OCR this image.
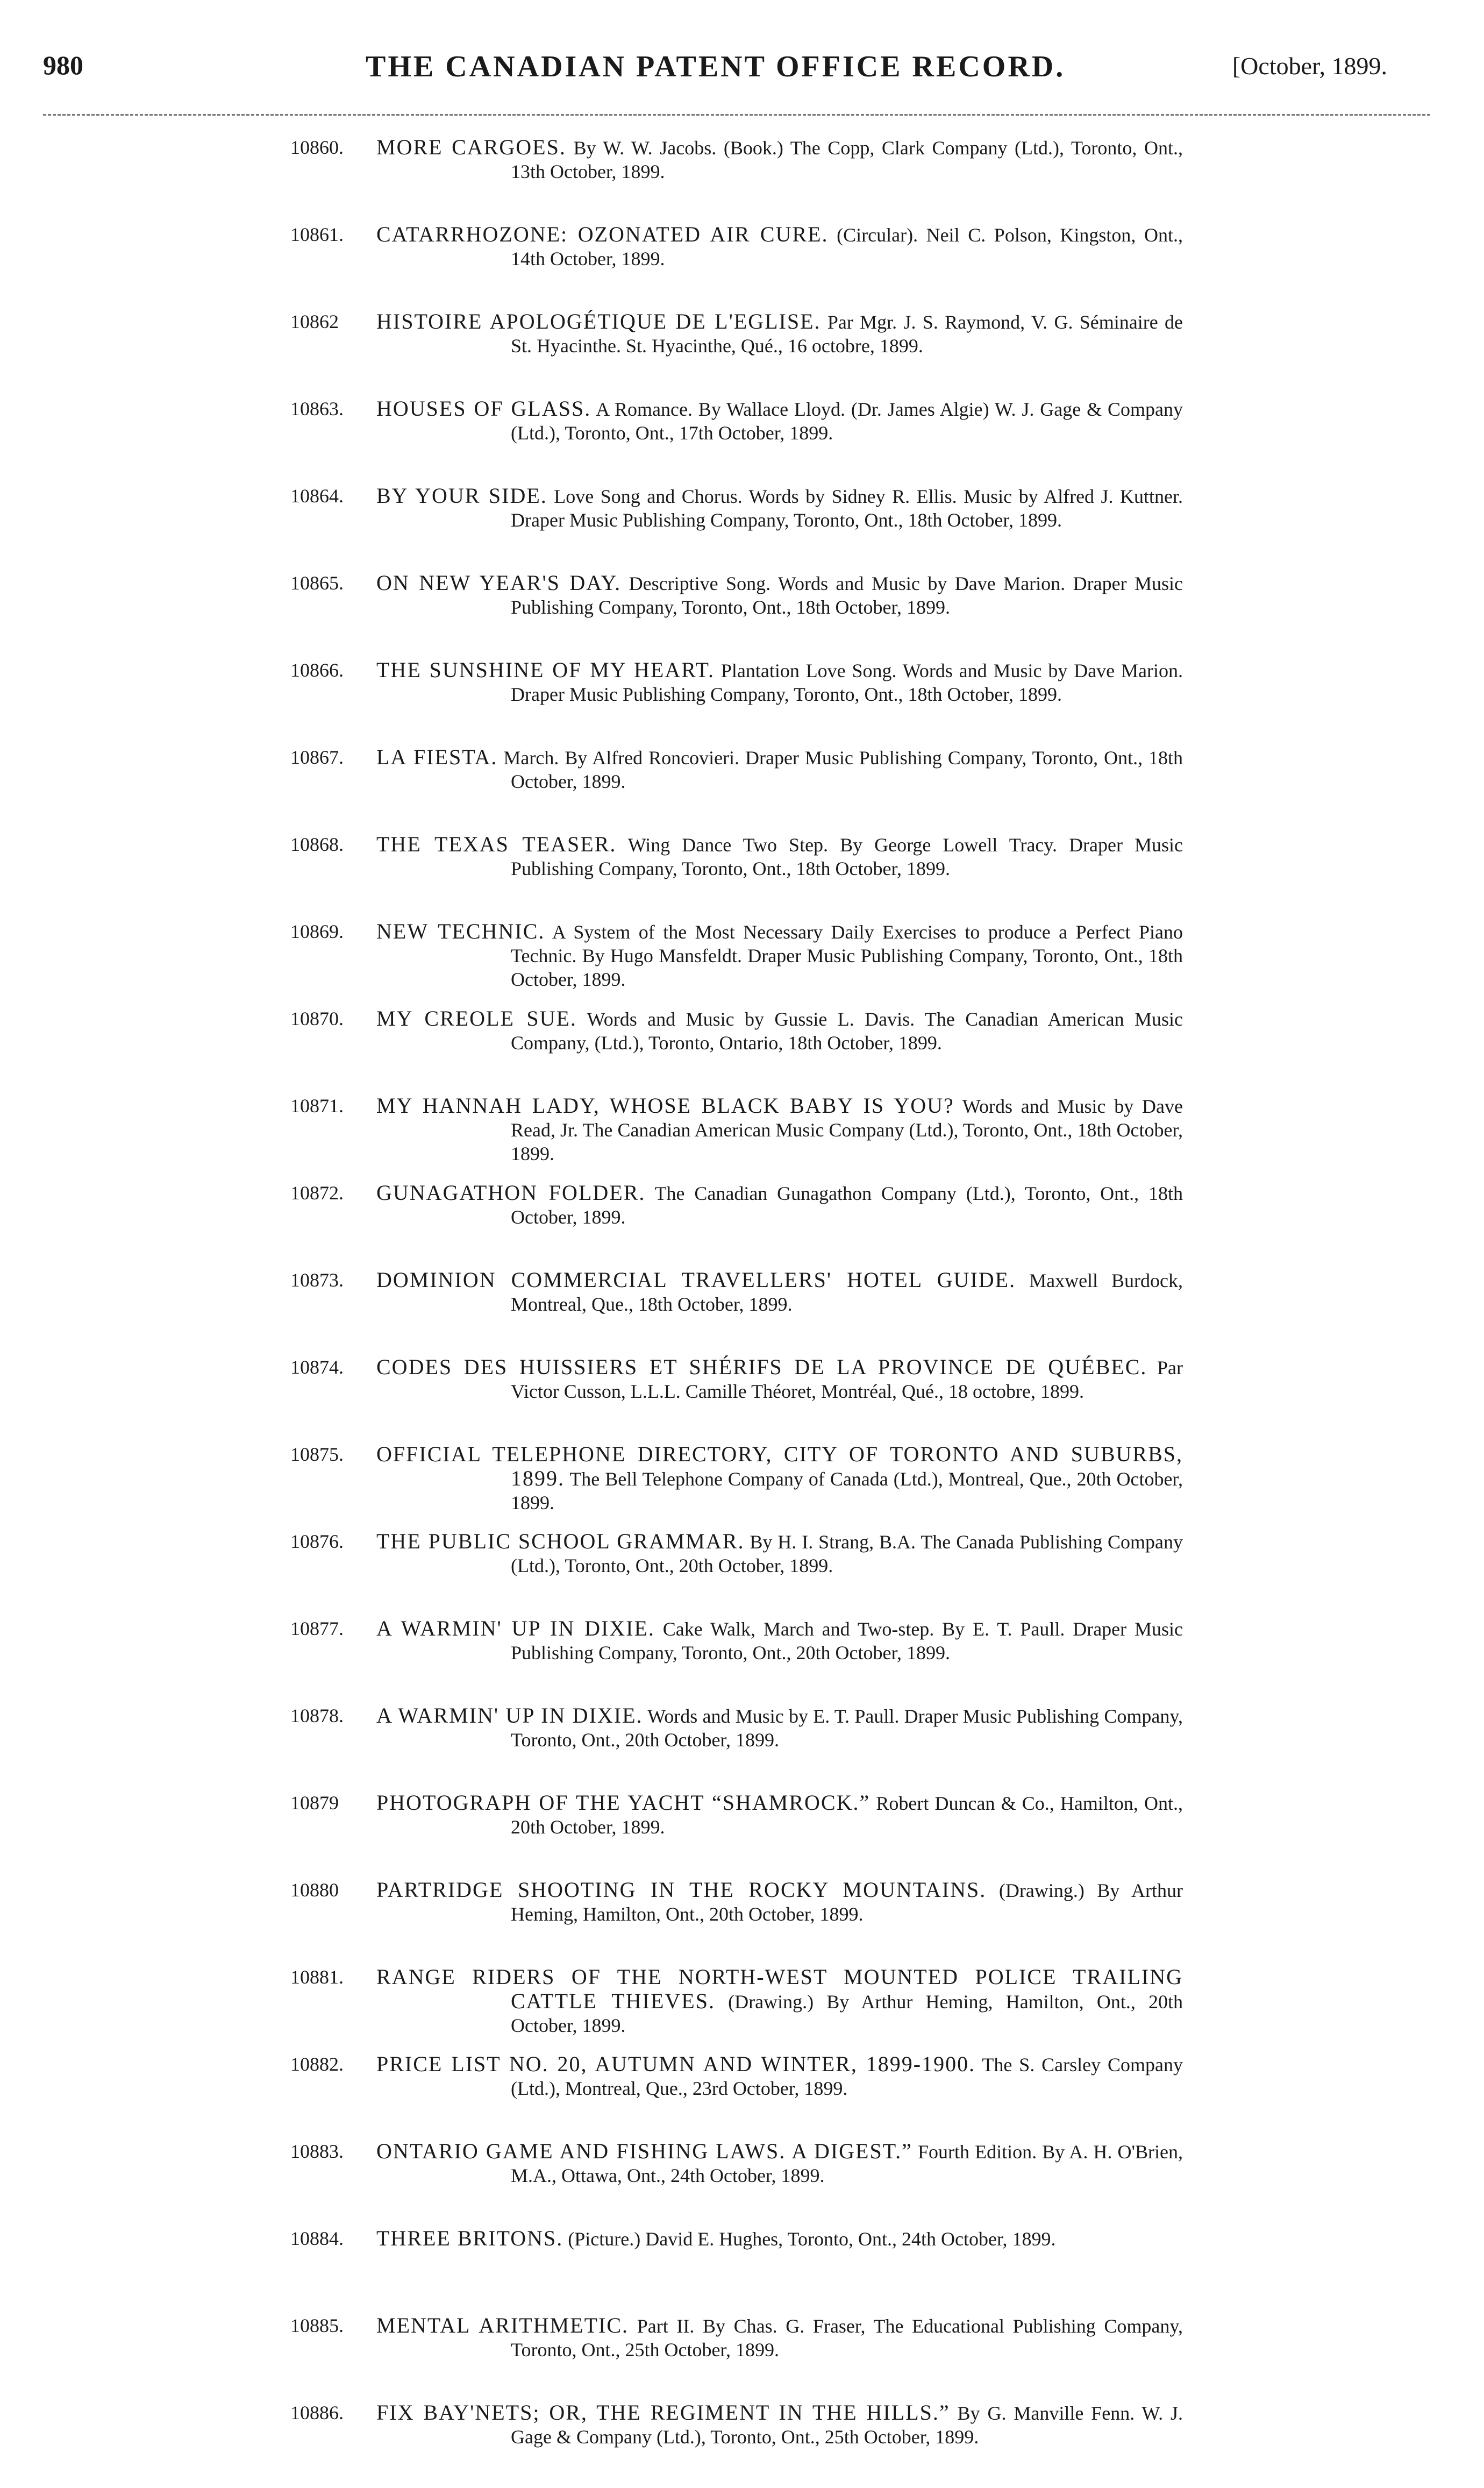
980	THE CANADIAN PATENT OFFICE RECORD.	[October, 1899.
10860.	MORE CARGOES. By W. W. Jacobs. (Book.) The Copp, Clark Company (Ltd.), Toronto, Ont., 13th October, 1899.
10861.	CATARRHOZONE: OZONATED AIR CURE. (Circular). Neil C. Polson, Kingston, Ont., 14th October, 1899.
10862	HISTOIRE APOLOGÉTIQUE DE L'EGLISE. Par Mgr. J. S. Raymond, V. G. Séminaire de St. Hyacinthe. St. Hyacinthe, Qué., 16 octobre, 1899.
10863.	HOUSES OF GLASS. A Romance. By Wallace Lloyd. (Dr. James Algie) W. J. Gage & Company (Ltd.), Toronto, Ont., 17th October, 1899.
10864.	BY YOUR SIDE. Love Song and Chorus. Words by Sidney R. Ellis. Music by Alfred J. Kuttner. Draper Music Publishing Company, Toronto, Ont., 18th October, 1899.
10865.	ON NEW YEAR'S DAY. Descriptive Song. Words and Music by Dave Marion. Draper Music Publishing Company, Toronto, Ont., 18th October, 1899.
10866.	THE SUNSHINE OF MY HEART. Plantation Love Song. Words and Music by Dave Marion. Draper Music Publishing Company, Toronto, Ont., 18th October, 1899.
10867.	LA FIESTA. March. By Alfred Roncovieri. Draper Music Publishing Company, Toronto, Ont., 18th October, 1899.
10868.	THE TEXAS TEASER. Wing Dance Two Step. By George Lowell Tracy. Draper Music Publishing Company, Toronto, Ont., 18th October, 1899.
10869.	NEW TECHNIC. A System of the Most Necessary Daily Exercises to produce a Perfect Piano Technic. By Hugo Mansfeldt. Draper Music Publishing Company, Toronto, Ont., 18th October, 1899.
10870.	MY CREOLE SUE. Words and Music by Gussie L. Davis. The Canadian American Music Company, (Ltd.), Toronto, Ontario, 18th October, 1899.
10871.	MY HANNAH LADY, WHOSE BLACK BABY IS YOU? Words and Music by Dave Read, Jr. The Canadian American Music Company (Ltd.), Toronto, Ont., 18th October, 1899.
10872.	GUNAGATHON FOLDER. The Canadian Gunagathon Company (Ltd.), Toronto, Ont., 18th October, 1899.
10873.	DOMINION COMMERCIAL TRAVELLERS' HOTEL GUIDE. Maxwell Burdock, Montreal, Que., 18th October, 1899.
10874.	CODES DES HUISSIERS ET SHÉRIFS DE LA PROVINCE DE QUÉBEC. Par Victor Cusson, L.L.L. Camille Théoret, Montréal, Qué., 18 octobre, 1899.
10875.	OFFICIAL TELEPHONE DIRECTORY, CITY OF TORONTO AND SUBURBS, 1899. The Bell Telephone Company of Canada (Ltd.), Montreal, Que., 20th October, 1899.
10876.	THE PUBLIC SCHOOL GRAMMAR. By H. I. Strang, B.A. The Canada Publishing Company (Ltd.), Toronto, Ont., 20th October, 1899.
10877.	A WARMIN' UP IN DIXIE. Cake Walk, March and Two-step. By E. T. Paull. Draper Music Publishing Company, Toronto, Ont., 20th October, 1899.
10878.	A WARMIN' UP IN DIXIE. Words and Music by E. T. Paull. Draper Music Publishing Company, Toronto, Ont., 20th October, 1899.
10879	PHOTOGRAPH OF THE YACHT “SHAMROCK.” Robert Duncan & Co., Hamilton, Ont., 20th October, 1899.
10880	PARTRIDGE SHOOTING IN THE ROCKY MOUNTAINS. (Drawing.) By Arthur Heming, Hamilton, Ont., 20th October, 1899.
10881.	RANGE RIDERS OF THE NORTH-WEST MOUNTED POLICE TRAILING CATTLE THIEVES. (Drawing.) By Arthur Heming, Hamilton, Ont., 20th October, 1899.
10882.	PRICE LIST NO. 20, AUTUMN AND WINTER, 1899-1900. The S. Carsley Company (Ltd.), Montreal, Que., 23rd October, 1899.
10883.	ONTARIO GAME AND FISHING LAWS. A DIGEST.” Fourth Edition. By A. H. O'Brien, M.A., Ottawa, Ont., 24th October, 1899.
10884.	THREE BRITONS. (Picture.) David E. Hughes, Toronto, Ont., 24th October, 1899.
10885.	MENTAL ARITHMETIC. Part II. By Chas. G. Fraser, The Educational Publishing Company, Toronto, Ont., 25th October, 1899.
10886.	FIX BAY'NETS; OR, THE REGIMENT IN THE HILLS.” By G. Manville Fenn. W. J. Gage & Company (Ltd.), Toronto, Ont., 25th October, 1899.
